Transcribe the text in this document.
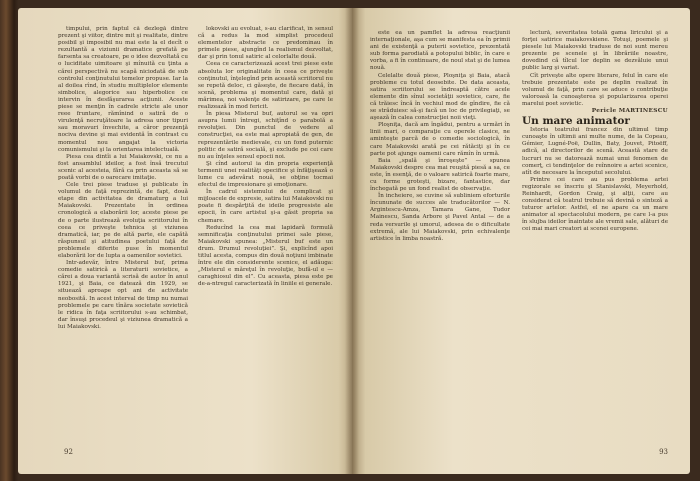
timpului, prin faptul că dezlegă dintre prezent şi viitor, dintre mit şi realitate, dintre posibil şi imposibil nu mai este la el decît o rezultantă a viziunii dramatice grefată pe farsenta sa creatoare, pe o idee dezvoltată cu o luciditate uimitoare şi mînuită cu ţinta a cărei perspectivă nu scapă niciodată de sub controlul conţinutului temelor propuse. Iar la al doilea rînd, în studiu multiplelor elemente simbolice, alegorice sau hiperbolice ce intervin în desfăşurarea acţiunii. Aceste piese se menţin în cadrele stricte ale unor reee fruntare, rămînind o satiră de o virulenţă necruţătoare la adresa unor tipuri sau moravuri învechite, a căror prezenţă nociva devine şi mai evidentă în contrast cu momentul nou angajat la victoria comunismului şi la orientarea intelectuală.

Piesa cea dintîi a lui Maiakovski, ce nu a fost ansamblul ideilor, a fost însă trecutul scenic al acesteia, fără ca prin aceasta să se poată vorbi de o oarecare imitaţie.

Cele trei piese traduse şi publicate în volumul de faţă reprezintă, de fapt, două etape din activitatea de dramaturg a lui Maiakovski. Prezentate în ordinea cronologică a elaborării lor, aceste piese pe de o parte ilustrează evoluţia scriitorului în ceea ce priveşte tehnica şi viziunea dramatică, iar, pe de altă parte, ele capătă răspunsul şi atitudinea poetului faţă de problemele diferite puse în momentul elaborării lor de lupta a oamenilor sovietici.

Intr-adevăr, între Misterul buf, prima comedie satirică a literaturii sovietice, a cărei a doua variantă scrisă de autor în anul 1921, şi Baia, ce datează din 1929, se situează aproape opt ani de activitate neobosită. In acest interval de timp nu numai problemele pe care tînăra societate sovietică le ridica în faţa scriitorului s-au schimbat, dar însuşi procedeul şi viziunea dramatică a lui Maiakovski.

lokovski au evoluat, s-au clarificat, în sensul că a redus la mod simplist procedeul elementelor abstracte ce predominau în primele piese, ajungînd la realismul dezvoltat, dar şi prin tonul satiric al celorlalte două.

Ceea ce caracterizează acest trei piese este absoluta lor originalitate în ceea ce priveşte conţinutul, înţelegînd prin această scriitorul nu se repetă deloc, ci găseşte, de fiecare dată, în scenă, problema şi momentul care, dată şi mărimea, noi valenţe de satirizare, pe care le realizează în mod fericit.

În piesa Misterul buf, autorul se va opri asupra lumii întregi, schiţînd o parabolă a revoluţiei. Din punctul de vedere al construcţiei, ea este mai apropiată de gen, de reprezentările medievale, cu un fond puternic politic de satiră socială, şi exclude pe cei care nu au înţeles sensul epocii noi.

Şi cînd autorul ia din propria experienţă termenii unei realităţi specifice şi înfăţişează o lume cu adevărat nouă, se obţine tocmai efectul de impresionare şi emoţionare.

În cadrul sistemului de complicat şi mijloacele de expresie, satira lui Maiakovski nu poate fi despărţită de ideile progresiste ale epocii, în care artistul şi-a găsit propria sa chemare.

Reducînd la cea mai lapidară formulă semnificaţia conţinutului primei sale piese, Maiakovski spunea: „Misterul buf este un drum. Drumul revoluţiei”. Şi, explicînd apoi titlul acesta, compus din două noţiuni imbinate între ele din considerente scenice, el adăuga: „Misterul e măreţul în revoluţie, bufă-ul e — caraghiosul din el”. Cu aceasta, piesa este pe de-a-ntregul caracterizată în liniile ei generale.

92

este ea un pamflet la adresa reacţiunii internaţionale, aşa cum se manifesta ea în primii ani de existenţă a puterii sovietice, prezentată sub forma parodiată a potopului biblic, în care e vorba, a fi în continuare, de noul stat şi de lumea nouă.

Celelalte două piese, Ploşniţa şi Baia, atacă probleme cu totul deosebite. De data aceasta, satira scriitorului se îndreaptă către acele elemente din sînul societăţii sovietice, care, fie că trăiesc încă în vechiul mod de gîndire, fie că se străduiesc să-şi facă un loc de privilegiaţi, se aşează în calea construcţiei noii vieţi.

Ploşniţa, dacă am îngădui, pentru a urmări în linii mari, o comparaţie cu operele clasice, ne aminteşte parcă de o comedie sociologică, în care Maiakovski arată pe cei rătăciţi şi în ce parte pot ajunge oamenii care rămîn în urmă.

Baia „spală şi înroşeşte” — spunea Maiakovski despre cea mai reuşită piesă a sa, ce este, în esenţă, de o valoare satirică foarte mare, cu forme groteşti, bizare, fantastice, dar închegată pe un fond realist de observaţie.

În incheiere, se cuvine să subliniem eforturile încununate de succes ale traducătorilor — N. Argintescu-Amza, Tamara Gane, Tudor Mainescu, Sanda Arbore şi Pavel Antal — de a reda versurile şi umorul, adesea de o dificultate extremă, ale lui Maiakovski, prin echivalenţe artistice în limba noastră.

lectură, severitatea totală gama liricului şi a forţei satirice maiakovskiene. Totuşi, poemele şi piesele lui Maiakovski traduse de noi sunt mereu prezente pe scenele şi în librăriile noastre, dovedind că tîlcul lor deplin se dezvăluie unui public larg şi variat.

Cît priveşte alte opere literare, felul în care ele trebuie prezentate este pe deplin realizat în volumul de faţă, prin care se aduce o contribuţie valoroasă la cunoaşterea şi popularizarea operei marelui poet sovietic.

Pericle MARTINESCU

Un mare animator

Istoria teatrului francez din ultimul timp cunoaşte în ultimii ani multe nume, de la Copeau, Gémier, Lugné-Poë, Dullin, Baty, Jouvet, Pitoëff, adică, al directorilor de scenă. Această stare de lucruri nu se datorează numai unui fenomen de comerţ, ci tendinţelor de reînnoire a artei scenice, atît de necesare la începutul secolului.

Printre cei care au pus problema artei regizorale se înscriu şi Stanislavski, Meyerhold, Reinhardt, Gordon Craig, şi alţii, care au considerat că teatrul trebuie să devină o sinteză a tuturor artelor. Astfel, el ne apare ca un mare animator al spectacolului modern, pe care l-a pus în slujba ideilor înaintate ale vremii sale, alături de cei mai mari creatori ai scenei europene.

93
